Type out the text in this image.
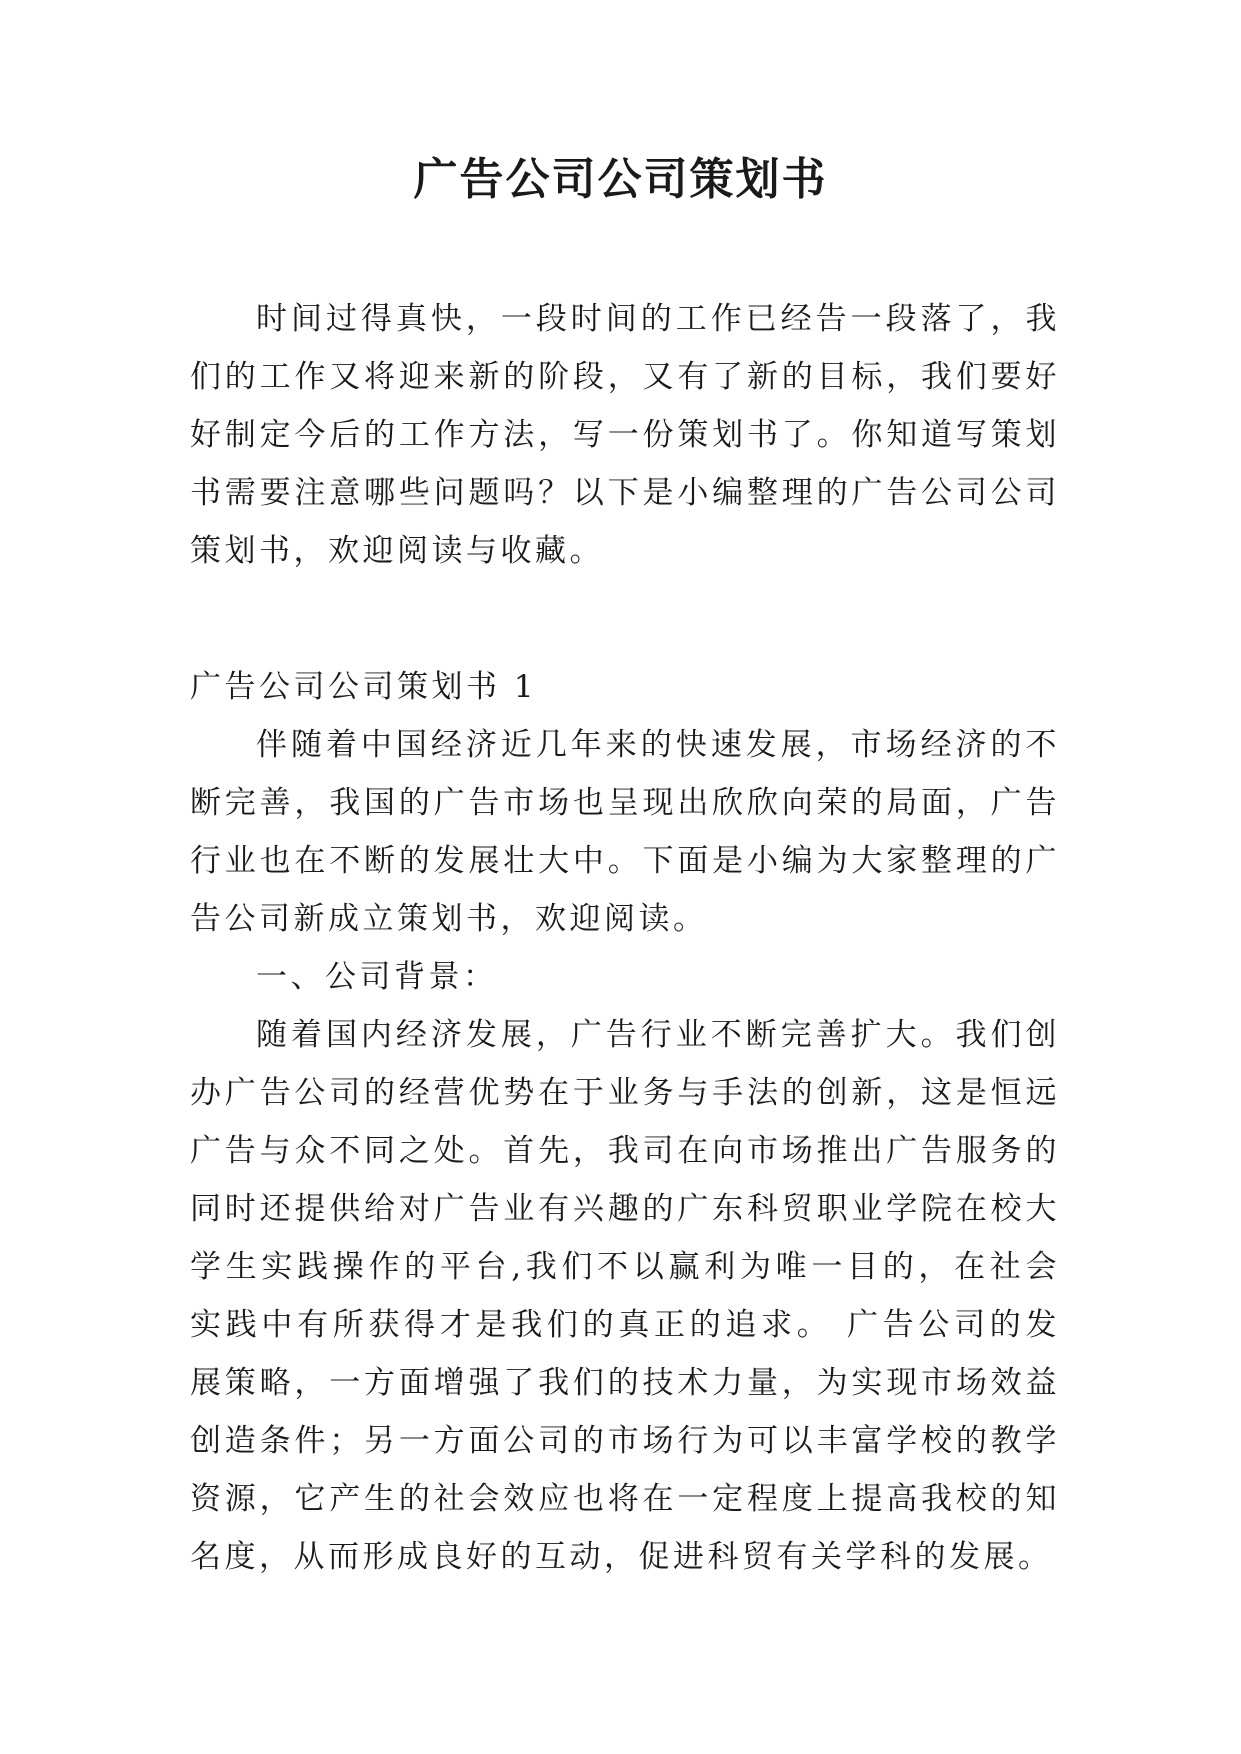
广告公司公司策划书

时间过得真快，一段时间的工作已经告一段落了，我们的工作又将迎来新的阶段，又有了新的目标，我们要好好制定今后的工作方法，写一份策划书了。你知道写策划书需要注意哪些问题吗？以下是小编整理的广告公司公司策划书，欢迎阅读与收藏。

广告公司公司策划书 1

伴随着中国经济近几年来的快速发展，市场经济的不断完善，我国的广告市场也呈现出欣欣向荣的局面，广告行业也在不断的发展壮大中。下面是小编为大家整理的广告公司新成立策划书，欢迎阅读。

一、公司背景：

随着国内经济发展，广告行业不断完善扩大。我们创办广告公司的经营优势在于业务与手法的创新，这是恒远广告与众不同之处。首先，我司在向市场推出广告服务的同时还提供给对广告业有兴趣的广东科贸职业学院在校大学生实践操作的平台,我们不以赢利为唯一目的，在社会实践中有所获得才是我们的真正的追求。 广告公司的发展策略，一方面增强了我们的技术力量，为实现市场效益创造条件；另一方面公司的市场行为可以丰富学校的教学资源，它产生的社会效应也将在一定程度上提高我校的知名度，从而形成良好的互动，促进科贸有关学科的发展。
